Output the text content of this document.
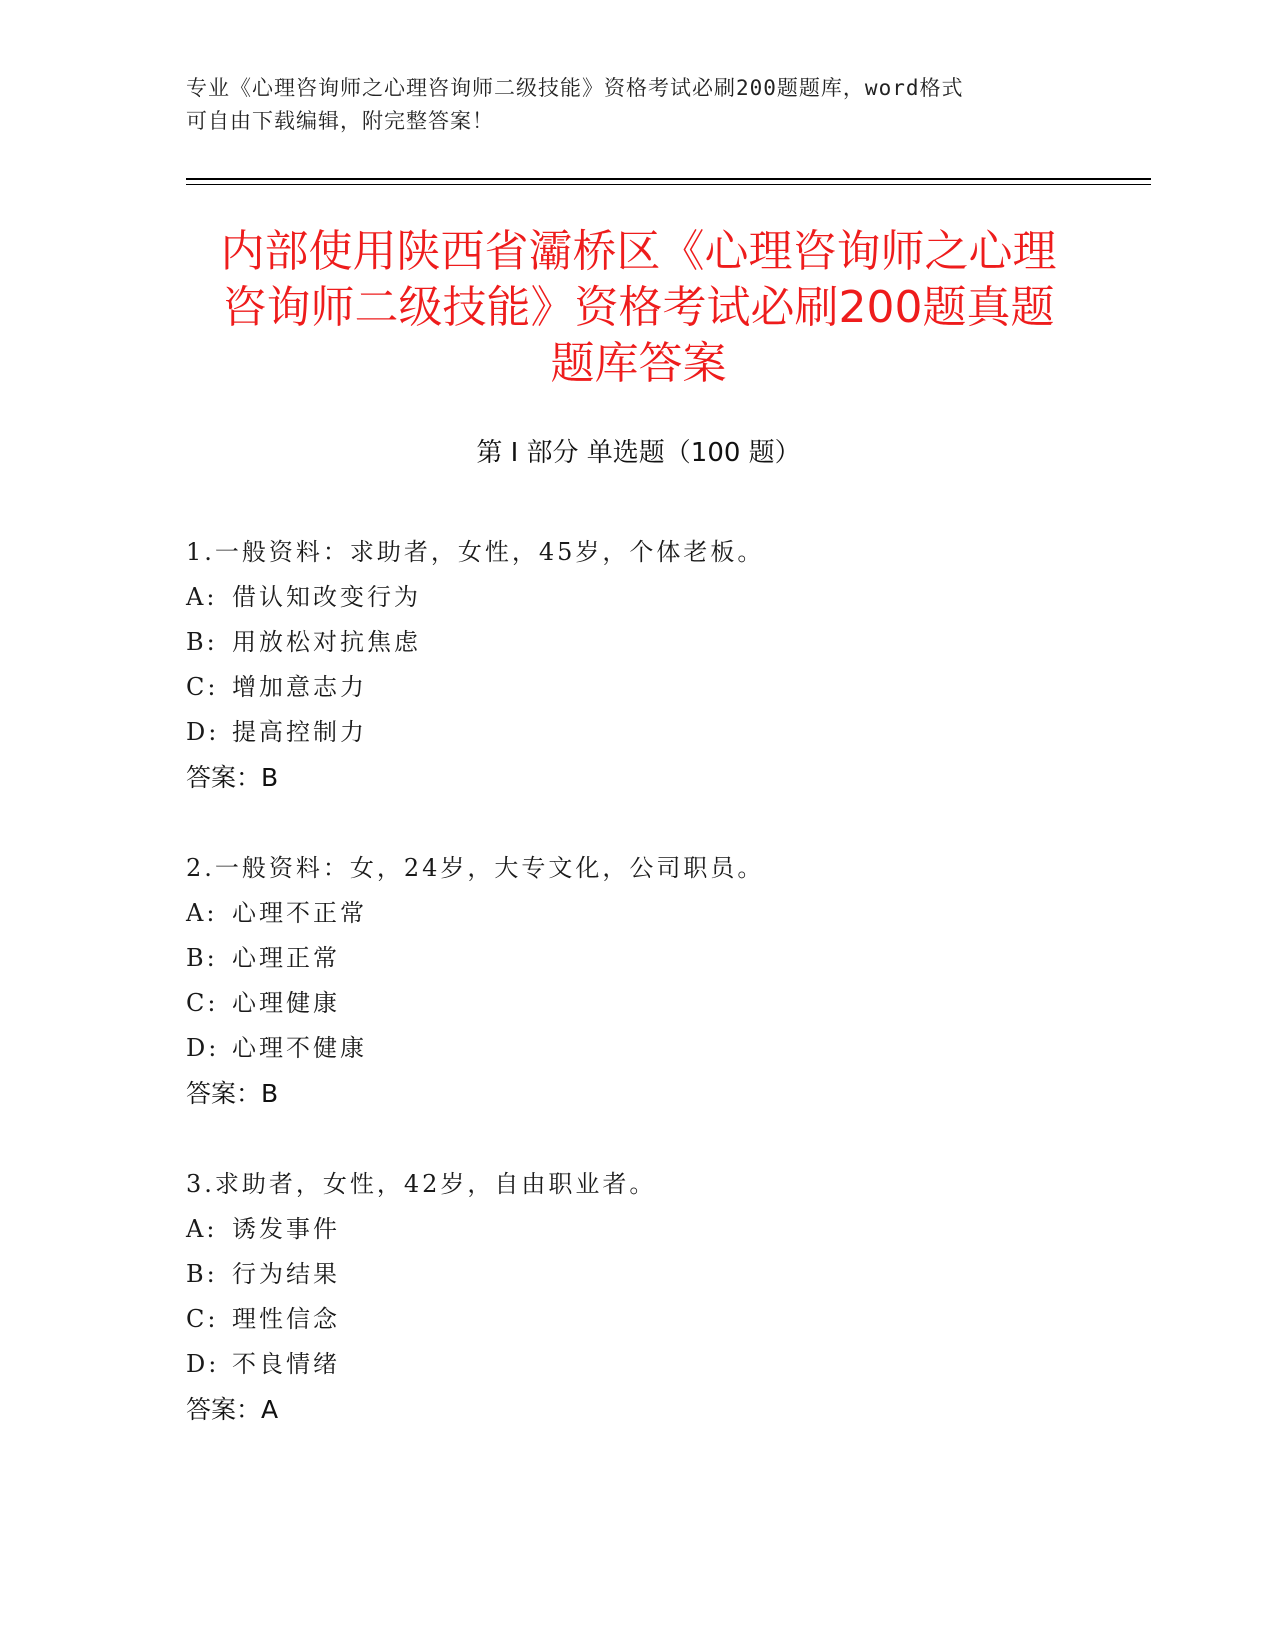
专业《心理咨询师之心理咨询师二级技能》资格考试必刷200题题库，word格式
可自由下载编辑，附完整答案！
内部使用陕西省灞桥区《心理咨询师之心理
咨询师二级技能》资格考试必刷200题真题
题库答案
第 I 部分 单选题（100 题）
1.一般资料：求助者，女性，45岁，个体老板。
A: 借认知改变行为
B: 用放松对抗焦虑
C: 增加意志力
D: 提高控制力
答案：B
2.一般资料：女，24岁，大专文化，公司职员。
A: 心理不正常
B: 心理正常
C: 心理健康
D: 心理不健康
答案：B
3.求助者，女性，42岁，自由职业者。
A: 诱发事件
B: 行为结果
C: 理性信念
D: 不良情绪
答案：A
